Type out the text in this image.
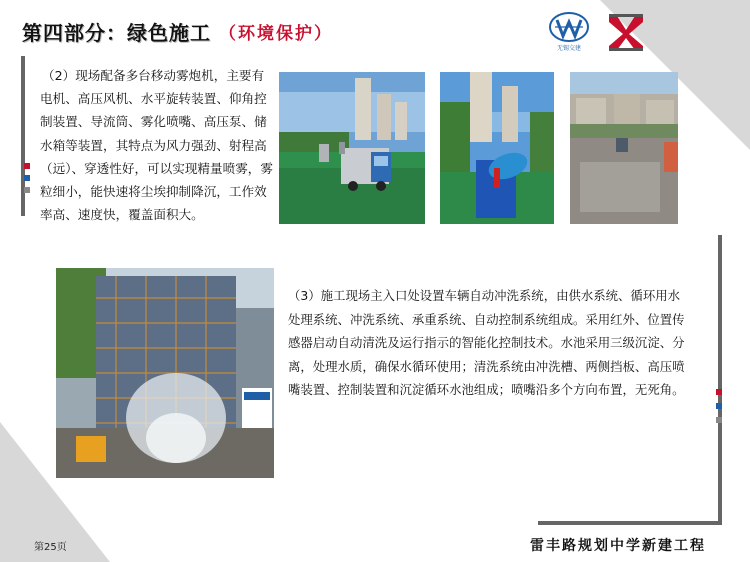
第四部分：绿色施工 （环境保护）
无锡交建
（2）现场配备多台移动雾炮机，主要有电机、高压风机、水平旋转装置、仰角控制装置、导流筒、雾化喷嘴、高压泵、储水箱等装置，其特点为风力强劲、射程高（远）、穿透性好，可以实现精量喷雾，雾粒细小，能快速将尘埃抑制降沉，工作效率高、速度快，覆盖面积大。
（3）施工现场主入口处设置车辆自动冲洗系统，由供水系统、循环用水处理系统、冲洗系统、承重系统、自动控制系统组成。采用红外、位置传感器启动自动清洗及运行指示的智能化控制技术。水池采用三级沉淀、分离，处理水质，确保水循环使用；清洗系统由冲洗槽、两侧挡板、高压喷嘴装置、控制装置和沉淀循环水池组成；喷嘴沿多个方向布置，无死角。
第25页	雷丰路规划中学新建工程
